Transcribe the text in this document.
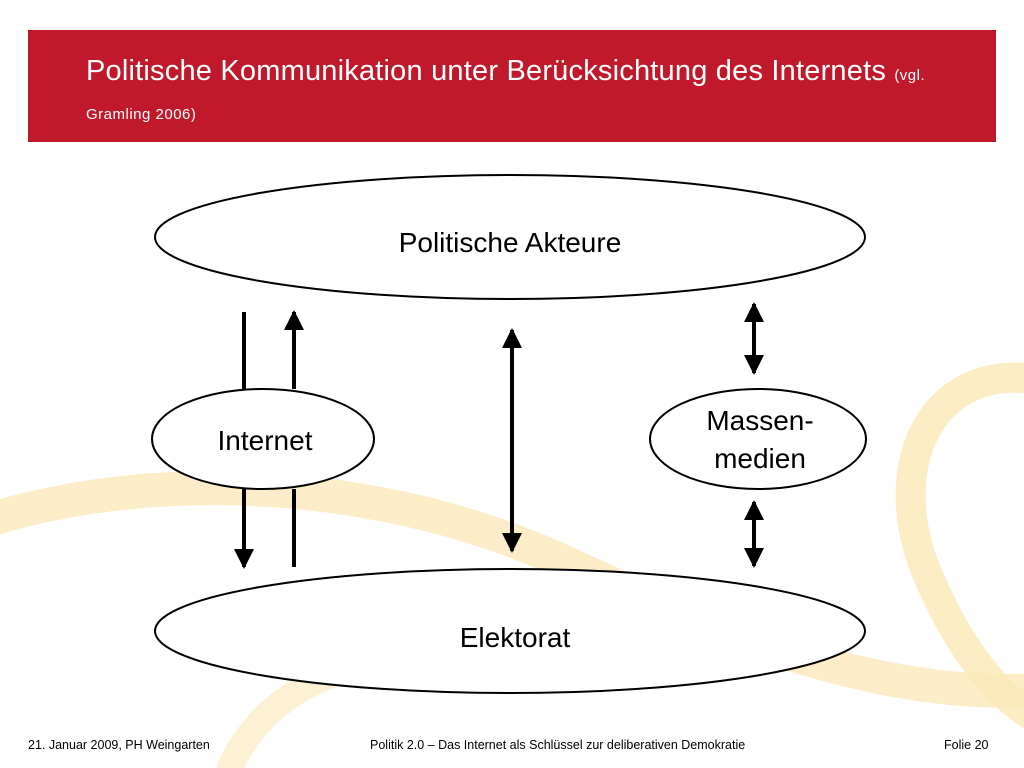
Politische Kommunikation unter Berücksichtung des Internets (vgl. Gramling 2006)
Politische Akteure
Internet
Massen-
medien
Elektorat
21. Januar 2009, PH Weingarten	Politik 2.0 – Das Internet als Schlüssel zur deliberativen Demokratie	Folie 20
